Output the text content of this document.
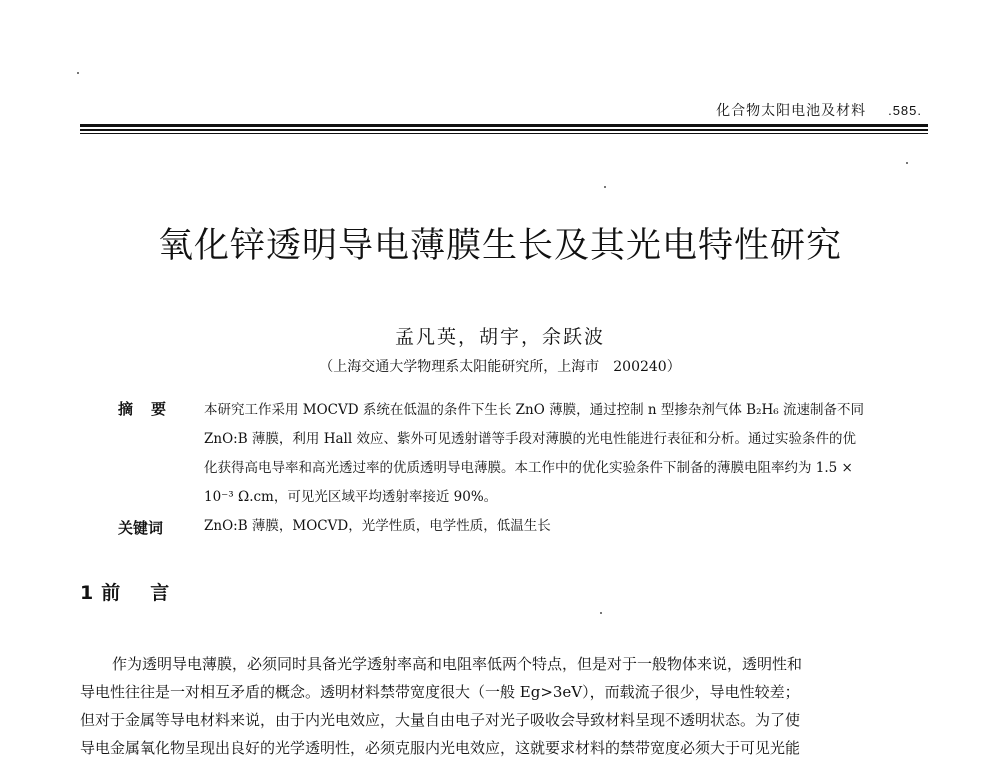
化合物太阳电池及材料 .585.
氧化锌透明导电薄膜生长及其光电特性研究
孟凡英，胡宇，余跃波
（上海交通大学物理系太阳能研究所，上海市　200240）
摘要 本研究工作采用 MOCVD 系统在低温的条件下生长 ZnO 薄膜，通过控制 n 型掺杂剂气体 B₂H₆ 流速制备不同
ZnO:B 薄膜，利用 Hall 效应、紫外可见透射谱等手段对薄膜的光电性能进行表征和分析。通过实验条件的优
化获得高电导率和高光透过率的优质透明导电薄膜。本工作中的优化实验条件下制备的薄膜电阻率约为 1.5 ×
10⁻³ Ω.cm，可见光区域平均透射率接近 90%。
关键词	ZnO:B 薄膜，MOCVD，光学性质，电学性质，低温生长
1 前 言
作为透明导电薄膜，必须同时具备光学透射率高和电阻率低两个特点，但是对于一般物体来说，透明性和
导电性往往是一对相互矛盾的概念。透明材料禁带宽度很大（一般 Eg>3eV），而载流子很少，导电性较差；
但对于金属等导电材料来说，由于内光电效应，大量自由电子对光子吸收会导致材料呈现不透明状态。为了使
导电金属氧化物呈现出良好的光学透明性，必须克服内光电效应，这就要求材料的禁带宽度必须大于可见光能
